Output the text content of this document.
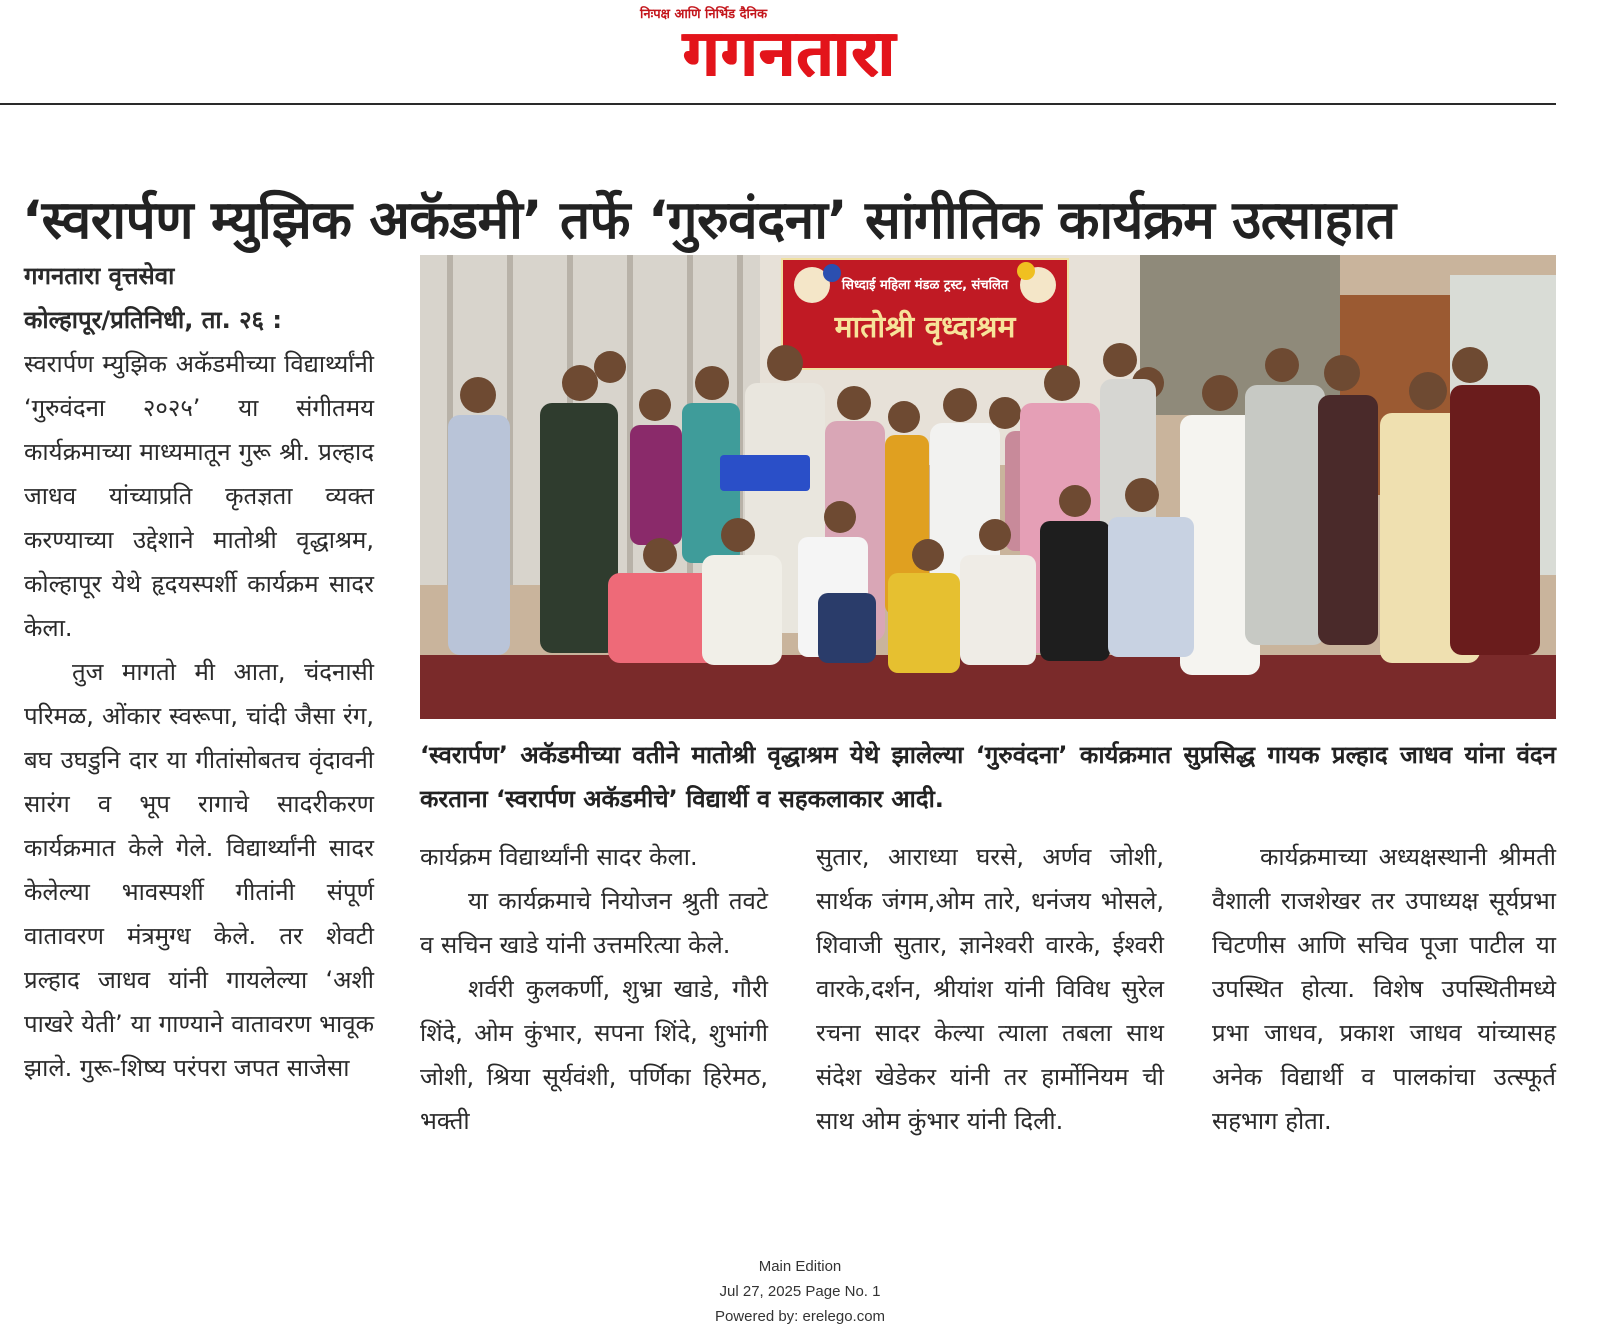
निःपक्ष आणि निर्भिड दैनिक
गगनतारा
‘स्वरार्पण म्युझिक अकॅडमी’ तर्फे ‘गुरुवंदना’ सांगीतिक कार्यक्रम उत्साहात

गगनतारा वृत्तसेवा

कोल्हापूर/प्रतिनिधी, ता. २६ :

स्वरार्पण म्युझिक अकॅडमीच्या विद्यार्थ्यांनी ‘गुरुवंदना २०२५’ या संगीतमय कार्यक्रमाच्या माध्यमातून गुरू श्री. प्रल्हाद जाधव यांच्याप्रति कृतज्ञता व्यक्त करण्याच्या उद्देशाने मातोश्री वृद्धाश्रम, कोल्हापूर येथे हृदयस्पर्शी कार्यक्रम सादर केला.

तुज मागतो मी आता, चंदनासी परिमळ, ओंकार स्वरूपा, चांदी जैसा रंग, बघ उघडुनि दार या गीतांसोबतच वृंदावनी सारंग व भूप रागाचे सादरीकरण कार्यक्रमात केले गेले. विद्यार्थ्यांनी सादर केलेल्या भावस्पर्शी गीतांनी संपूर्ण वातावरण मंत्रमुग्ध केले. तर शेवटी प्रल्हाद जाधव यांनी गायलेल्या ‘अशी पाखरे येती’ या गाण्याने वातावरण भावूक झाले. गुरू-शिष्य परंपरा जपत साजेसा

सिध्दाई महिला मंडळ ट्रस्ट, संचलित
मातोश्री वृध्दाश्रम
‘स्वरार्पण’ अकॅडमीच्या वतीने मातोश्री वृद्धाश्रम येथे झालेल्या ‘गुरुवंदना’ कार्यक्रमात सुप्रसिद्ध गायक प्रल्हाद जाधव यांना वंदन करताना ‘स्वरार्पण अकॅडमीचे’ विद्यार्थी व सहकलाकार आदी.

कार्यक्रम विद्यार्थ्यांनी सादर केला.

या कार्यक्रमाचे नियोजन श्रुती तवटे व सचिन खाडे यांनी उत्तमरित्या केले.

शर्वरी कुलकर्णी, शुभ्रा खाडे, गौरी शिंदे, ओम कुंभार, सपना शिंदे, शुभांगी जोशी, श्रिया सूर्यवंशी, पर्णिका हिरेमठ, भक्ती

सुतार, आराध्या घरसे, अर्णव जोशी, सार्थक जंगम,ओम तारे, धनंजय भोसले, शिवाजी सुतार, ज्ञानेश्वरी वारके, ईश्वरी वारके,दर्शन, श्रीयांश यांनी विविध सुरेल रचना सादर केल्या त्याला तबला साथ संदेश खेडेकर यांनी तर हार्मोनियम ची साथ ओम कुंभार यांनी दिली.

कार्यक्रमाच्या अध्यक्षस्थानी श्रीमती वैशाली राजशेखर तर उपाध्यक्ष सूर्यप्रभा चिटणीस आणि सचिव पूजा पाटील या उपस्थित होत्या. विशेष उपस्थितीमध्ये प्रभा जाधव, प्रकाश जाधव यांच्यासह अनेक विद्यार्थी व पालकांचा उत्स्फूर्त सहभाग होता.

Main Edition
Jul 27, 2025 Page No. 1
Powered by: erelego.com
